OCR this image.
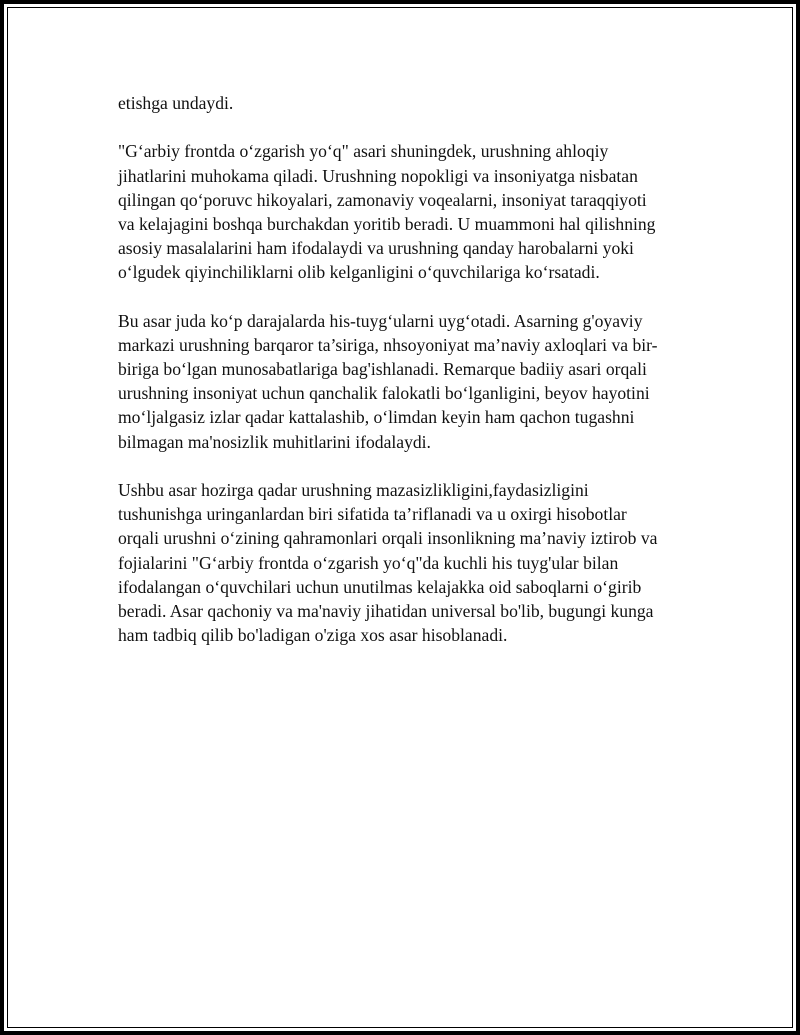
etishga undaydi.
"G‘arbiy frontda o‘zgarish yo‘q" asari shuningdek, urushning ahloqiy
jihatlarini muhokama qiladi. Urushning nopokligi va insoniyatga nisbatan
qilingan qo‘poruvc hikoyalari, zamonaviy voqealarni, insoniyat taraqqiyoti
va kelajagini boshqa burchakdan yoritib beradi. U muammoni hal qilishning
asosiy masalalarini ham ifodalaydi va urushning qanday harobalarni yoki
o‘lgudek qiyinchiliklarni olib kelganligini o‘quvchilariga ko‘rsatadi.
Bu asar juda ko‘p darajalarda his-tuyg‘ularni uyg‘otadi. Asarning g'oyaviy
markazi urushning barqaror ta’siriga, nhsoyoniyat ma’naviy axloqlari va bir-
biriga bo‘lgan munosabatlariga bag'ishlanadi. Remarque badiiy asari orqali
urushning insoniyat uchun qanchalik falokatli bo‘lganligini, beyov hayotini
mo‘ljalgasiz izlar qadar kattalashib, o‘limdan keyin ham qachon tugashni
bilmagan ma'nosizlik muhitlarini ifodalaydi.
Ushbu asar hozirga qadar urushning mazasizlikligini,faydasizligini
tushunishga uringanlardan biri sifatida ta’riflanadi va u oxirgi hisobotlar
orqali urushni o‘zining qahramonlari orqali insonlikning ma’naviy iztirob va
fojialarini "G‘arbiy frontda o‘zgarish yo‘q"da kuchli his tuyg'ular bilan
ifodalangan o‘quvchilari uchun unutilmas kelajakka oid saboqlarni o‘girib
beradi. Asar qachoniy va ma'naviy jihatidan universal bo'lib, bugungi kunga
ham tadbiq qilib bo'ladigan o'ziga xos asar hisoblanadi.
